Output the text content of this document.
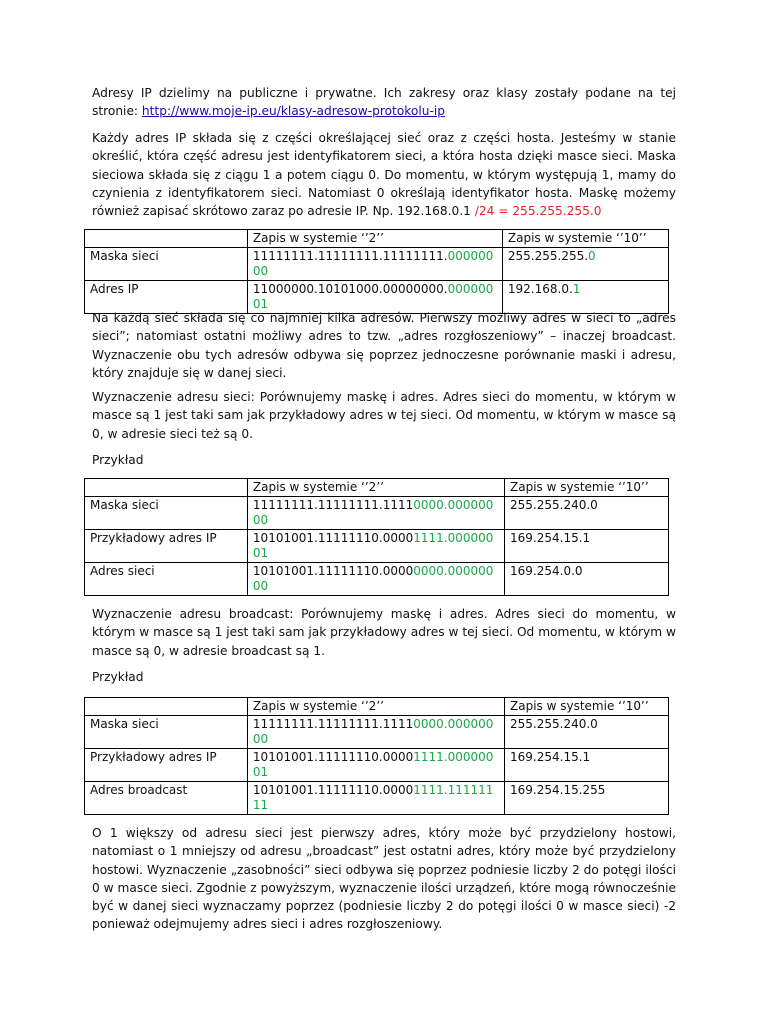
Adresy IP dzielimy na publiczne i prywatne. Ich zakresy oraz klasy zostały podane na tej stronie: http://www.moje-ip.eu/klasy-adresow-protokolu-ip

Każdy adres IP składa się z części określającej sieć oraz z części hosta. Jesteśmy w stanie określić, która część adresu jest identyfikatorem sieci, a która hosta dzięki masce sieci. Maska sieciowa składa się z ciągu 1 a potem ciągu 0. Do momentu, w którym występują 1, mamy do czynienia z identyfikatorem sieci. Natomiast 0 określają identyfikator hosta. Maskę możemy również zapisać skrótowo zaraz po adresie IP. Np. 192.168.0.1 /24 = 255.255.255.0

	Zapis w systemie ‘’2’’	Zapis w systemie ‘’10’’
Maska sieci	11111111.11111111.11111111.00000000	255.255.255.0
Adres IP	11000000.10101000.00000000.00000001	192.168.0.1

Na każdą sieć składa się co najmniej kilka adresów. Pierwszy możliwy adres w sieci to „adres sieci”; natomiast ostatni możliwy adres to tzw. „adres rozgłoszeniowy” – inaczej broadcast. Wyznaczenie obu tych adresów odbywa się poprzez jednoczesne porównanie maski i adresu, który znajduje się w danej sieci.

Wyznaczenie adresu sieci: Porównujemy maskę i adres. Adres sieci do momentu, w którym w masce są 1 jest taki sam jak przykładowy adres w tej sieci. Od momentu, w którym w masce są 0, w adresie sieci też są 0.

Przykład

	Zapis w systemie ‘’2’’	Zapis w systemie ‘’10’’
Maska sieci	11111111.11111111.11110000.00000000	255.255.240.0
Przykładowy adres IP	10101001.11111110.00001111.00000001	169.254.15.1
Adres sieci	10101001.11111110.00000000.00000000	169.254.0.0

Wyznaczenie adresu broadcast: Porównujemy maskę i adres. Adres sieci do momentu, w którym w masce są 1 jest taki sam jak przykładowy adres w tej sieci. Od momentu, w którym w masce są 0, w adresie broadcast są 1.

Przykład

	Zapis w systemie ‘’2’’	Zapis w systemie ‘’10’’
Maska sieci	11111111.11111111.11110000.00000000	255.255.240.0
Przykładowy adres IP	10101001.11111110.00001111.00000001	169.254.15.1
Adres broadcast	10101001.11111110.00001111.11111111	169.254.15.255

O 1 większy od adresu sieci jest pierwszy adres, który może być przydzielony hostowi, natomiast o 1 mniejszy od adresu „broadcast” jest ostatni adres, który może być przydzielony hostowi. Wyznaczenie „zasobności” sieci odbywa się poprzez podniesie liczby 2 do potęgi ilości 0 w masce sieci. Zgodnie z powyższym, wyznaczenie ilości urządzeń, które mogą równocześnie być w danej sieci wyznaczamy poprzez (podniesie liczby 2 do potęgi ilości 0 w masce sieci) -2 ponieważ odejmujemy adres sieci i adres rozgłoszeniowy.
